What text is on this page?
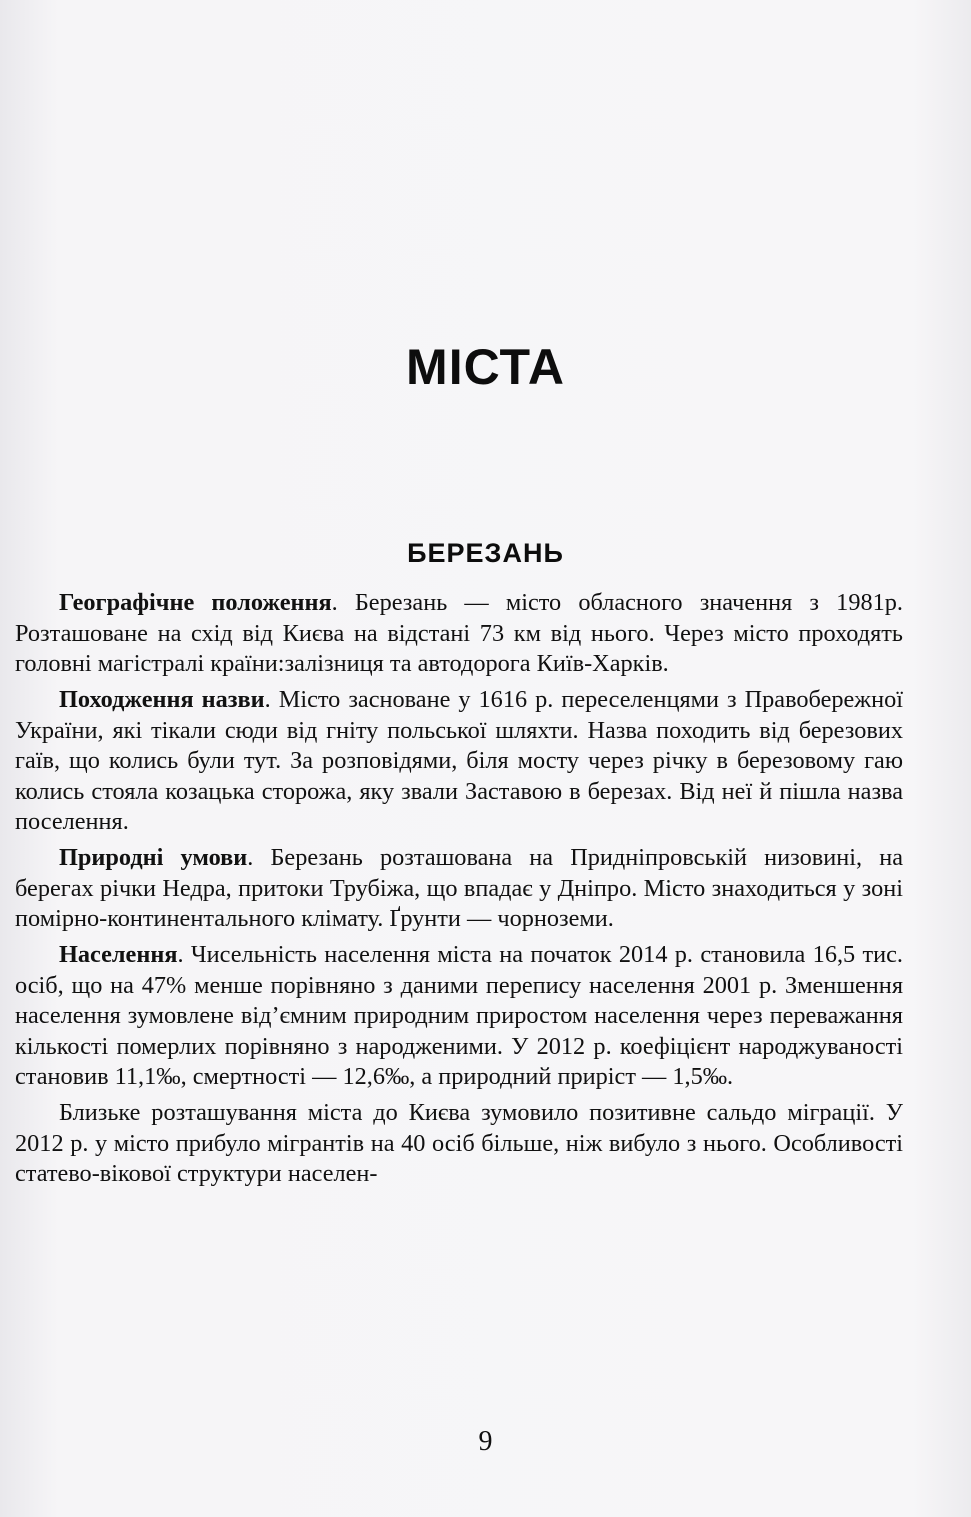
МІСТА
БЕРЕЗАНЬ

Географічне положення. Березань — місто обласного значення з 1981р. Розташоване на схід від Києва на відстані 73 км від нього. Через місто проходять головні магістралі країни:залізниця та автодорога Київ-Харків.

Походження назви. Місто засноване у 1616 р. переселенцями з Правобережної України, які тікали сюди від гніту польської шляхти. Назва походить від березових гаїв, що колись були тут. За розповідями, біля мосту через річку в березовому гаю колись стояла козацька сторожа, яку звали Заставою в березах. Від неї й пішла назва поселення.

Природні умови. Березань розташована на Придніпровській низовині, на берегах річки Недра, притоки Трубіжа, що впадає у Дніпро. Місто знаходиться у зоні помірно-континентального клімату. Ґрунти — чорноземи.

Населення. Чисельність населення міста на початок 2014 р. становила 16,5 тис. осіб, що на 47% менше порівняно з даними перепису населення 2001 р. Зменшення населення зумовлене від’ємним природним приростом населення через переважання кількості померлих порівняно з народженими. У 2012 р. коефіцієнт народжуваності становив 11,1‰, смертності — 12,6‰, а природний приріст — 1,5‰.

Близьке розташування міста до Києва зумовило позитивне сальдо міграції. У 2012 р. у місто прибуло мігрантів на 40 осіб більше, ніж вибуло з нього. Особливості статево-вікової структури населен-

9
